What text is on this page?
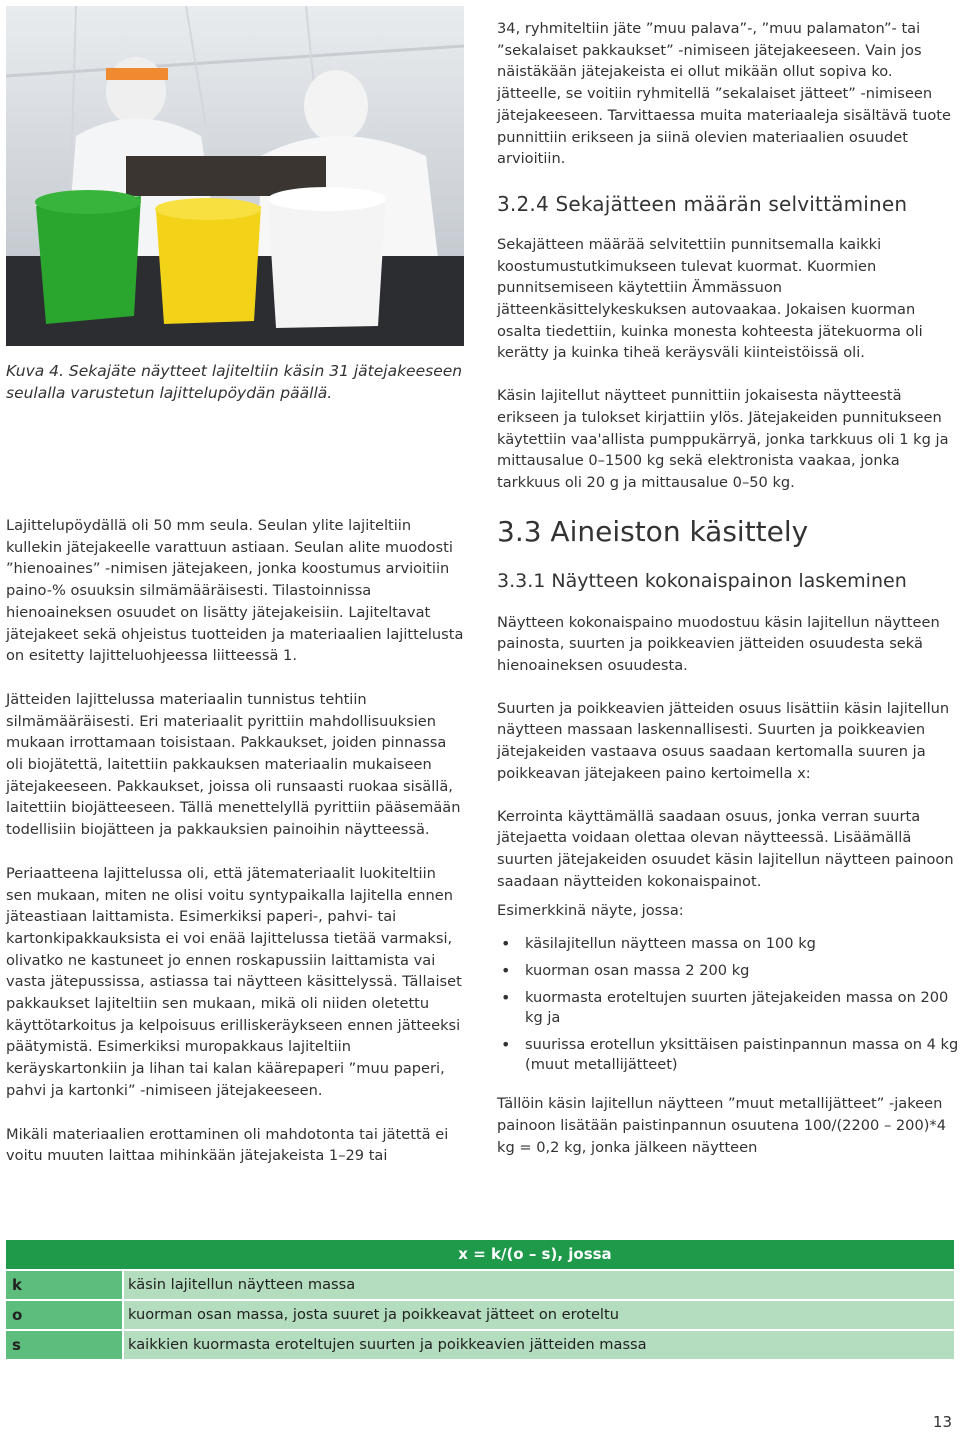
Kuva 4. Sekajäte näytteet lajiteltiin käsin 31 jätejakeeseen seulalla varustetun lajittelupöydän päällä.

Lajittelupöydällä oli 50 mm seula. Seulan ylite lajiteltiin kullekin jätejakeelle varattuun astiaan. Seulan alite muodosti ”hienoaines” -nimisen jätejakeen, jonka koostumus arvioitiin paino-% osuuksin silmämääräisesti. Tilastoinnissa hienoaineksen osuudet on lisätty jätejakeisiin. Lajiteltavat jätejakeet sekä ohjeistus tuotteiden ja materiaalien lajittelusta on esitetty lajitteluohjeessa liitteessä 1.

Jätteiden lajittelussa materiaalin tunnistus tehtiin silmämääräisesti. Eri materiaalit pyrittiin mahdollisuuksien mukaan irrottamaan toisistaan. Pakkaukset, joiden pinnassa oli biojätettä, laitettiin pakkauksen materiaalin mukaiseen jätejakeeseen. Pakkaukset, joissa oli runsaasti ruokaa sisällä, laitettiin biojätteeseen. Tällä menettelyllä pyrittiin pääsemään todellisiin biojätteen ja pakkauksien painoihin näytteessä.

Periaatteena lajittelussa oli, että jätemateriaalit luokiteltiin sen mukaan, miten ne olisi voitu syntypaikalla lajitella ennen jäteastiaan laittamista. Esimerkiksi paperi-, pahvi- tai kartonkipakkauksista ei voi enää lajittelussa tietää varmaksi, olivatko ne kastuneet jo ennen roskapussiin laittamista vai vasta jätepussissa, astiassa tai näytteen käsittelyssä. Tällaiset pakkaukset lajiteltiin sen mukaan, mikä oli niiden oletettu käyttötarkoitus ja kelpoisuus erilliskeräykseen ennen jätteeksi päätymistä. Esimerkiksi muropakkaus lajiteltiin keräyskartonkiin ja lihan tai kalan käärepaperi ”muu paperi, pahvi ja kartonki” -nimiseen jätejakeeseen.

Mikäli materiaalien erottaminen oli mahdotonta tai jätettä ei voitu muuten laittaa mihinkään jätejakeista 1–29 tai

34, ryhmiteltiin jäte ”muu palava”-, ”muu palamaton”- tai ”sekalaiset pakkaukset” -nimiseen jätejakeeseen. Vain jos näistäkään jätejakeista ei ollut mikään ollut sopiva ko. jätteelle, se voitiin ryhmitellä ”sekalaiset jätteet” -nimiseen jätejakeeseen. Tarvittaessa muita materiaaleja sisältävä tuote punnittiin erikseen ja siinä olevien materiaalien osuudet arvioitiin.

3.2.4 Sekajätteen määrän selvittäminen

Sekajätteen määrää selvitettiin punnitsemalla kaikki koostumustutkimukseen tulevat kuormat. Kuormien punnitsemiseen käytettiin Ämmässuon jätteenkäsittelykeskuksen autovaakaa. Jokaisen kuorman osalta tiedettiin, kuinka monesta kohteesta jätekuorma oli kerätty ja kuinka tiheä keräysväli kiinteistöissä oli.

Käsin lajitellut näytteet punnittiin jokaisesta näytteestä erikseen ja tulokset kirjattiin ylös. Jätejakeiden punnitukseen käytettiin vaa'allista pumppukärryä, jonka tarkkuus oli 1 kg ja mittausalue 0–1500 kg sekä elektronista vaakaa, jonka tarkkuus oli 20 g ja mittausalue 0–50 kg.

3.3 Aineiston käsittely
3.3.1 Näytteen kokonaispainon laskeminen

Näytteen kokonaispaino muodostuu käsin lajitellun näytteen painosta, suurten ja poikkeavien jätteiden osuudesta sekä hienoaineksen osuudesta.

Suurten ja poikkeavien jätteiden osuus lisättiin käsin lajitellun näytteen massaan laskennallisesti. Suurten ja poikkeavien jätejakeiden vastaava osuus saadaan kertomalla suuren ja poikkeavan jätejakeen paino kertoimella x:

Kerrointa käyttämällä saadaan osuus, jonka verran suurta jätejaetta voidaan olettaa olevan näytteessä. Lisäämällä suurten jätejakeiden osuudet käsin lajitellun näytteen painoon saadaan näytteiden kokonaispainot.

Esimerkkinä näyte, jossa:

• käsilajitellun näytteen massa on 100 kg
• kuorman osan massa 2 200 kg
• kuormasta eroteltujen suurten jätejakeiden massa on 200 kg ja
• suurissa erotellun yksittäisen paistinpannun massa on 4 kg (muut metallijätteet)

Tällöin käsin lajitellun näytteen ”muut metallijätteet” -jakeen painoon lisätään paistinpannun osuutena 100/(2200 – 200)*4 kg = 0,2 kg, jonka jälkeen näytteen

x = k/(o – s), jossa
k	käsin lajitellun näytteen massa
o	kuorman osan massa, josta suuret ja poikkeavat jätteet on eroteltu
s	kaikkien kuormasta eroteltujen suurten ja poikkeavien jätteiden massa
13
